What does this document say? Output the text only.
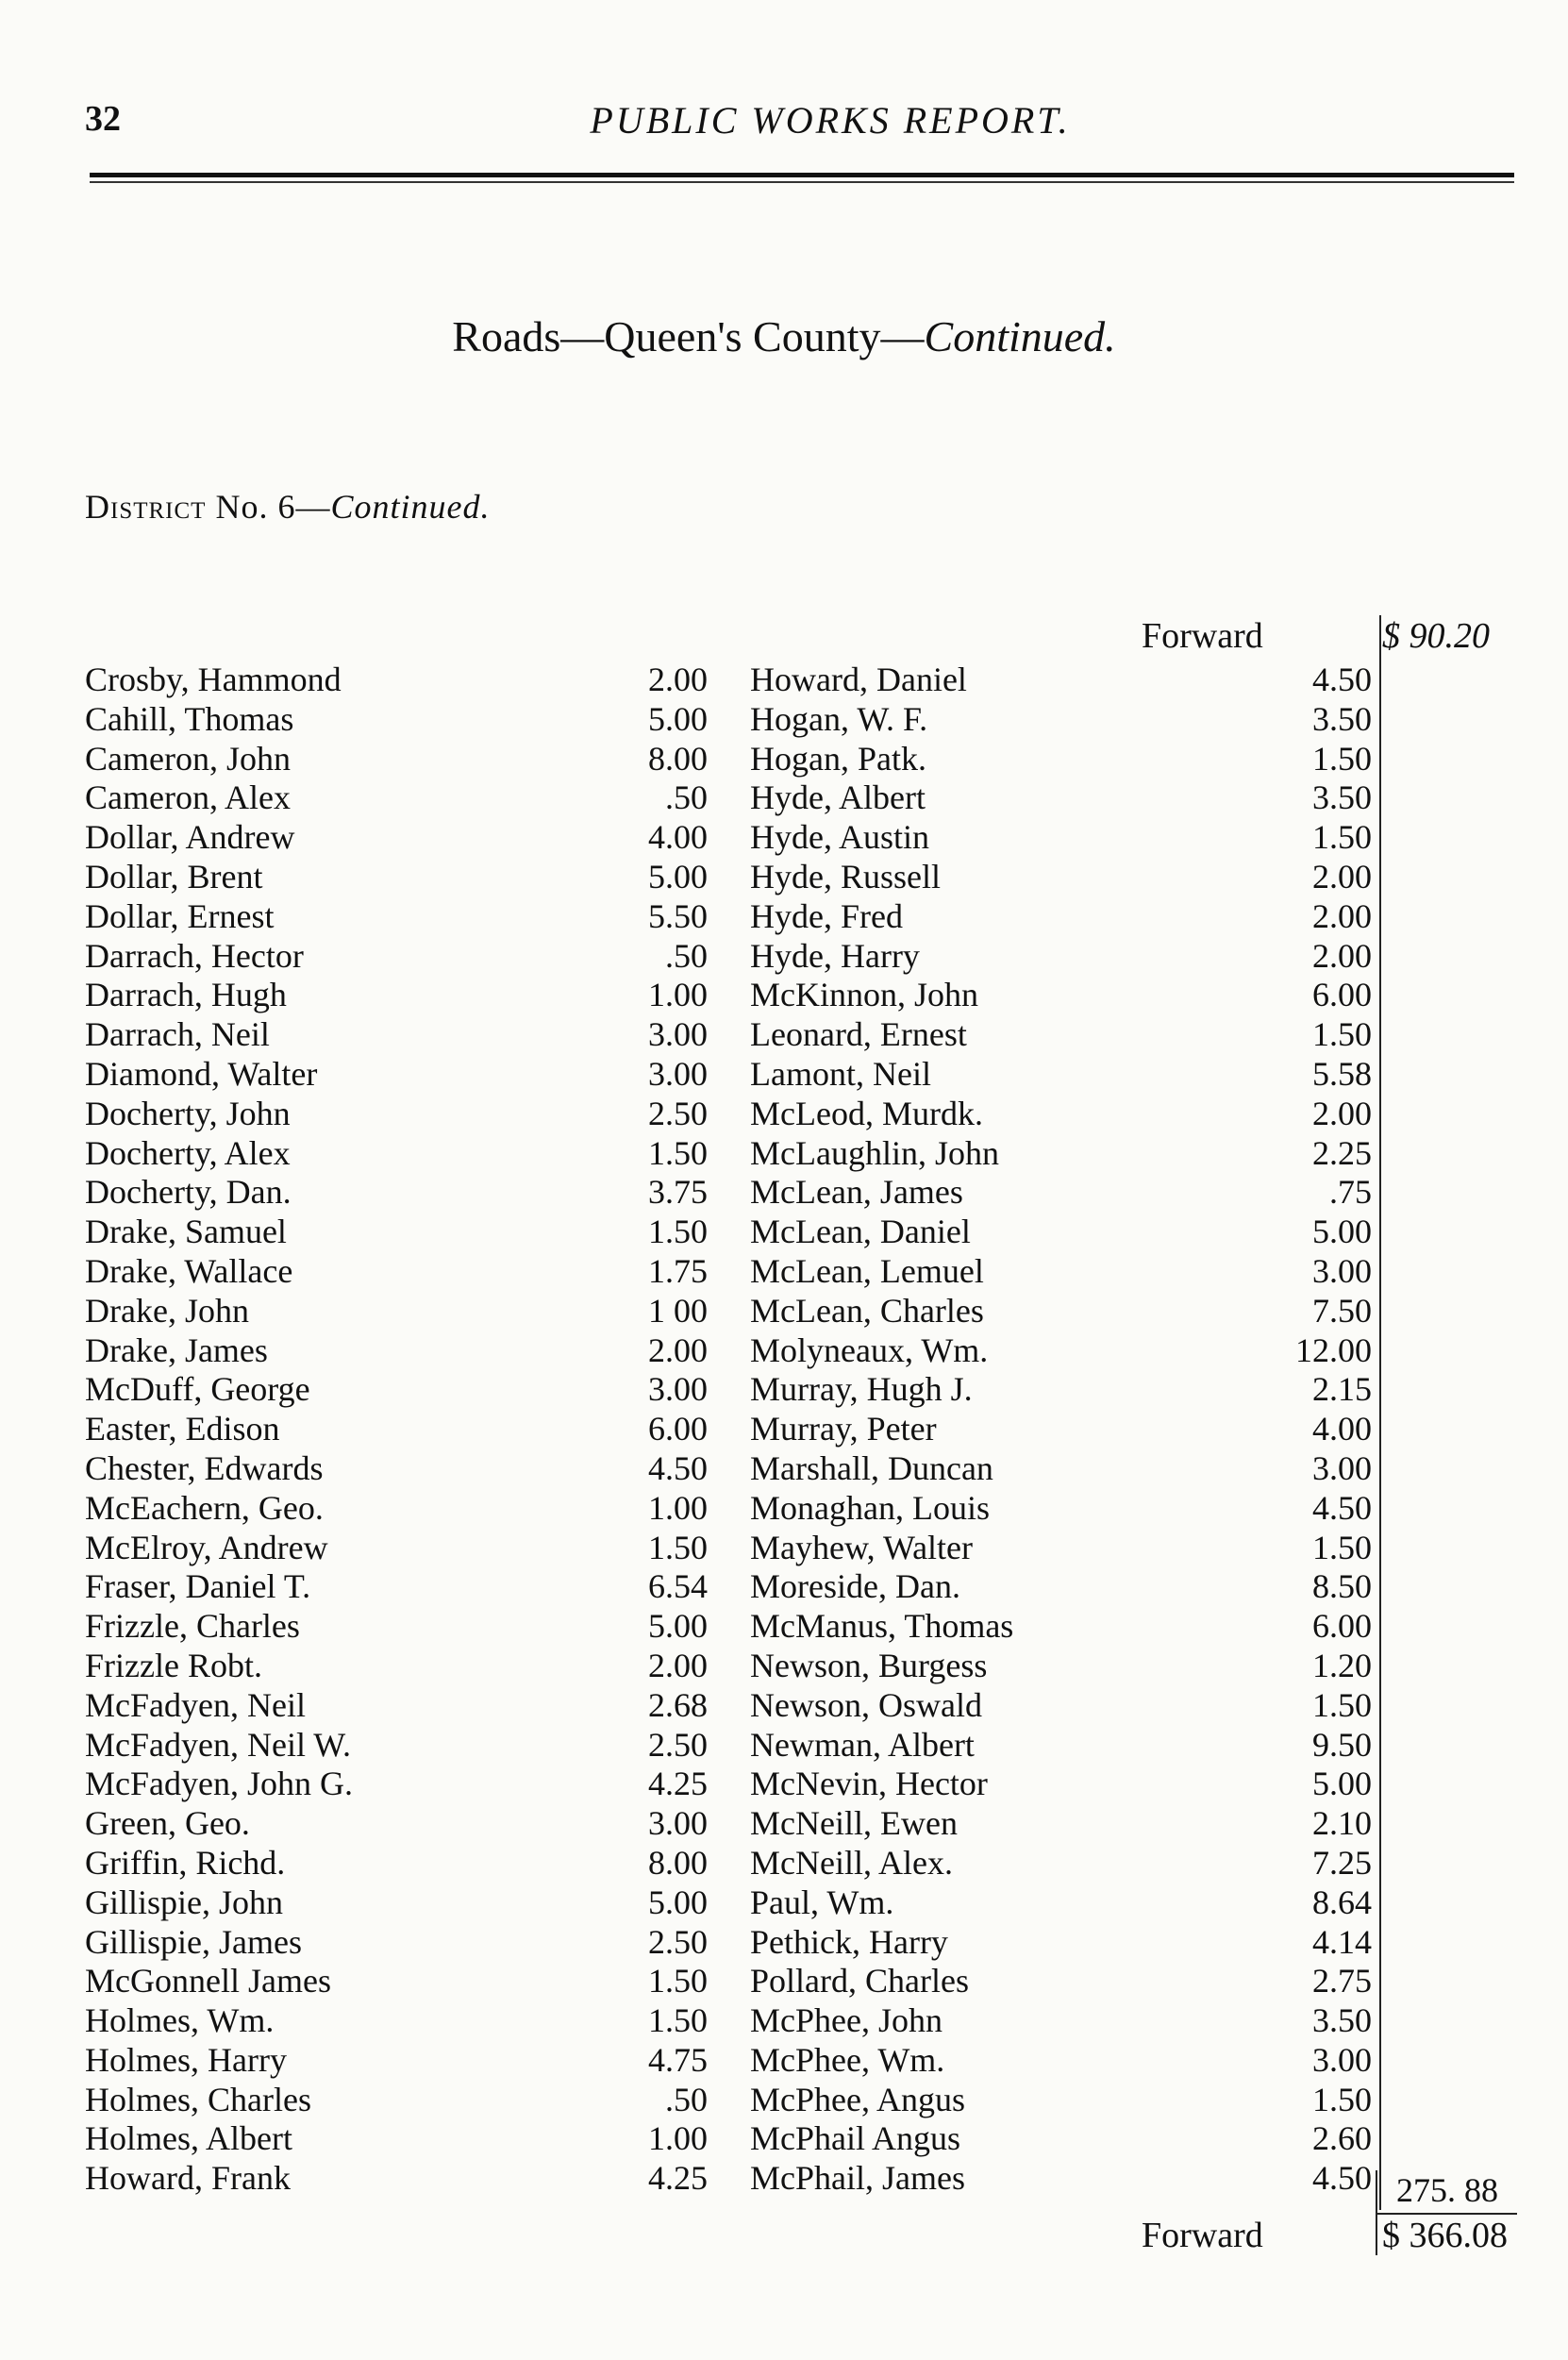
32	PUBLIC WORKS REPORT.
Roads—Queen's County—Continued.
District No. 6—Continued.
Forward	$ 90.20
Crosby, Hammond	2.00 Howard, Daniel	4.50
Cahill, Thomas	5.00 Hogan, W. F.	3.50
Cameron, John	8.00 Hogan, Patk.	1.50
Cameron, Alex	.50 Hyde, Albert	3.50
Dollar, Andrew	4.00 Hyde, Austin	1.50
Dollar, Brent	5.00 Hyde, Russell	2.00
Dollar, Ernest	5.50 Hyde, Fred	2.00
Darrach, Hector	.50 Hyde, Harry	2.00
Darrach, Hugh	1.00 McKinnon, John	6.00
Darrach, Neil	3.00 Leonard, Ernest	1.50
Diamond, Walter	3.00 Lamont, Neil	5.58
Docherty, John	2.50 McLeod, Murdk.	2.00
Docherty, Alex	1.50 McLaughlin, John	2.25
Docherty, Dan.	3.75 McLean, James	.75
Drake, Samuel	1.50 McLean, Daniel	5.00
Drake, Wallace	1.75 McLean, Lemuel	3.00
Drake, John	1 00 McLean, Charles	7.50
Drake, James	2.00 Molyneaux, Wm.	12.00
McDuff, George	3.00 Murray, Hugh J.	2.15
Easter, Edison	6.00 Murray, Peter	4.00
Chester, Edwards	4.50 Marshall, Duncan	3.00
McEachern, Geo.	1.00 Monaghan, Louis	4.50
McElroy, Andrew	1.50 Mayhew, Walter	1.50
Fraser, Daniel T.	6.54 Moreside, Dan.	8.50
Frizzle, Charles	5.00 McManus, Thomas	6.00
Frizzle Robt.	2.00 Newson, Burgess	1.20
McFadyen, Neil	2.68 Newson, Oswald	1.50
McFadyen, Neil W.	2.50 Newman, Albert	9.50
McFadyen, John G.	4.25 McNevin, Hector	5.00
Green, Geo.	3.00 McNeill, Ewen	2.10
Griffin, Richd.	8.00 McNeill, Alex.	7.25
Gillispie, John	5.00 Paul, Wm.	8.64
Gillispie, James	2.50 Pethick, Harry	4.14
McGonnell James	1.50 Pollard, Charles	2.75
Holmes, Wm.	1.50 McPhee, John	3.50
Holmes, Harry	4.75 McPhee, Wm.	3.00
Holmes, Charles	.50 McPhee, Angus	1.50
Holmes, Albert	1.00 McPhail Angus	2.60
Howard, Frank	4.25 McPhail, James	4.50 275. 88
Forward	$ 366.08
